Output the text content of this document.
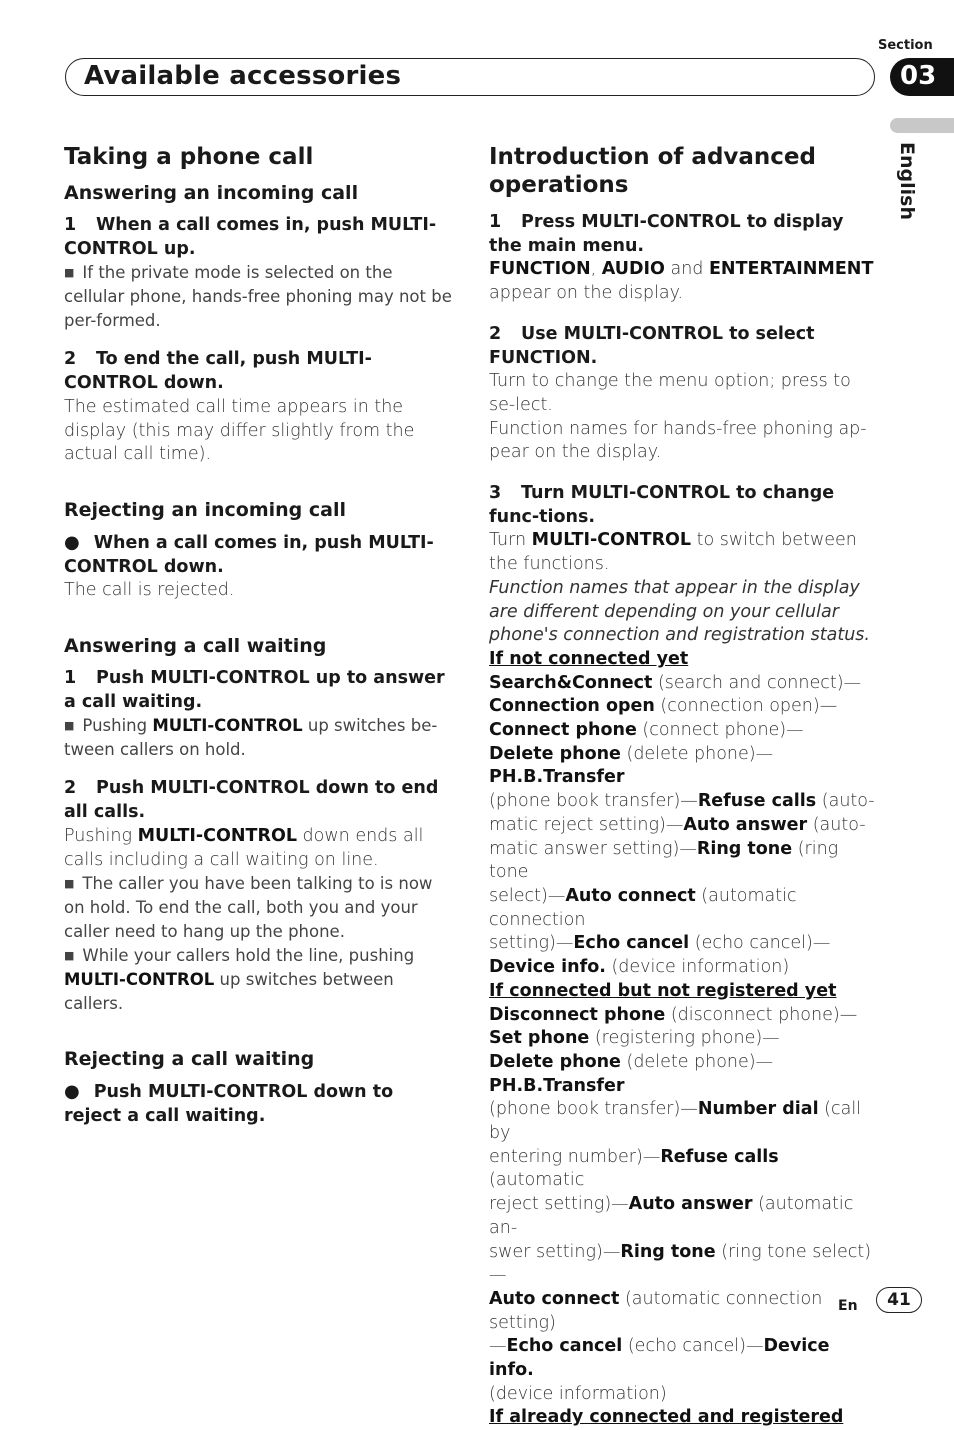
Section
Available accessories	03
English
Taking a phone call
Answering an incoming call
1 When a call comes in, push MULTI-CONTROL up.
■ If the private mode is selected on the cellular phone, hands-free phoning may not be per-formed.
2 To end the call, push MULTI-CONTROL down.
The estimated call time appears in the display (this may differ slightly from the actual call time).
Rejecting an incoming call
● When a call comes in, push MULTI-CONTROL down.
The call is rejected.
Answering a call waiting
1 Push MULTI-CONTROL up to answer a call waiting.
■ Pushing MULTI-CONTROL up switches be-tween callers on hold.
2 Push MULTI-CONTROL down to end all calls.
Pushing MULTI-CONTROL down ends all calls including a call waiting on line.
■ The caller you have been talking to is now on hold. To end the call, both you and your caller need to hang up the phone.
■ While your callers hold the line, pushing MULTI-CONTROL up switches between callers.
Rejecting a call waiting
● Push MULTI-CONTROL down to reject a call waiting.
Introduction of advanced operations
1 Press MULTI-CONTROL to display the main menu.
FUNCTION, AUDIO and ENTERTAINMENT
appear on the display.
2 Use MULTI-CONTROL to select FUNCTION.
Turn to change the menu option; press to se-lect.
Function names for hands-free phoning ap-pear on the display.
3 Turn MULTI-CONTROL to change func-tions.
Turn MULTI-CONTROL to switch between the functions.
Function names that appear in the display are different depending on your cellular phone's connection and registration status.
If not connected yet
Search&Connect (search and connect)—
Connection open (connection open)—
Connect phone (connect phone)—
Delete phone (delete phone)—PH.B.Transfer
(phone book transfer)—Refuse calls (auto-
matic reject setting)—Auto answer (auto-
matic answer setting)—Ring tone (ring tone
select)—Auto connect (automatic connection
setting)—Echo cancel (echo cancel)—
Device info. (device information)
If connected but not registered yet
Disconnect phone (disconnect phone)—
Set phone (registering phone)—
Delete phone (delete phone)—PH.B.Transfer
(phone book transfer)—Number dial (call by
entering number)—Refuse calls (automatic
reject setting)—Auto answer (automatic an-
swer setting)—Ring tone (ring tone select)—
Auto connect (automatic connection setting)
—Echo cancel (echo cancel)—Device info.
(device information)
If already connected and registered
En	41
